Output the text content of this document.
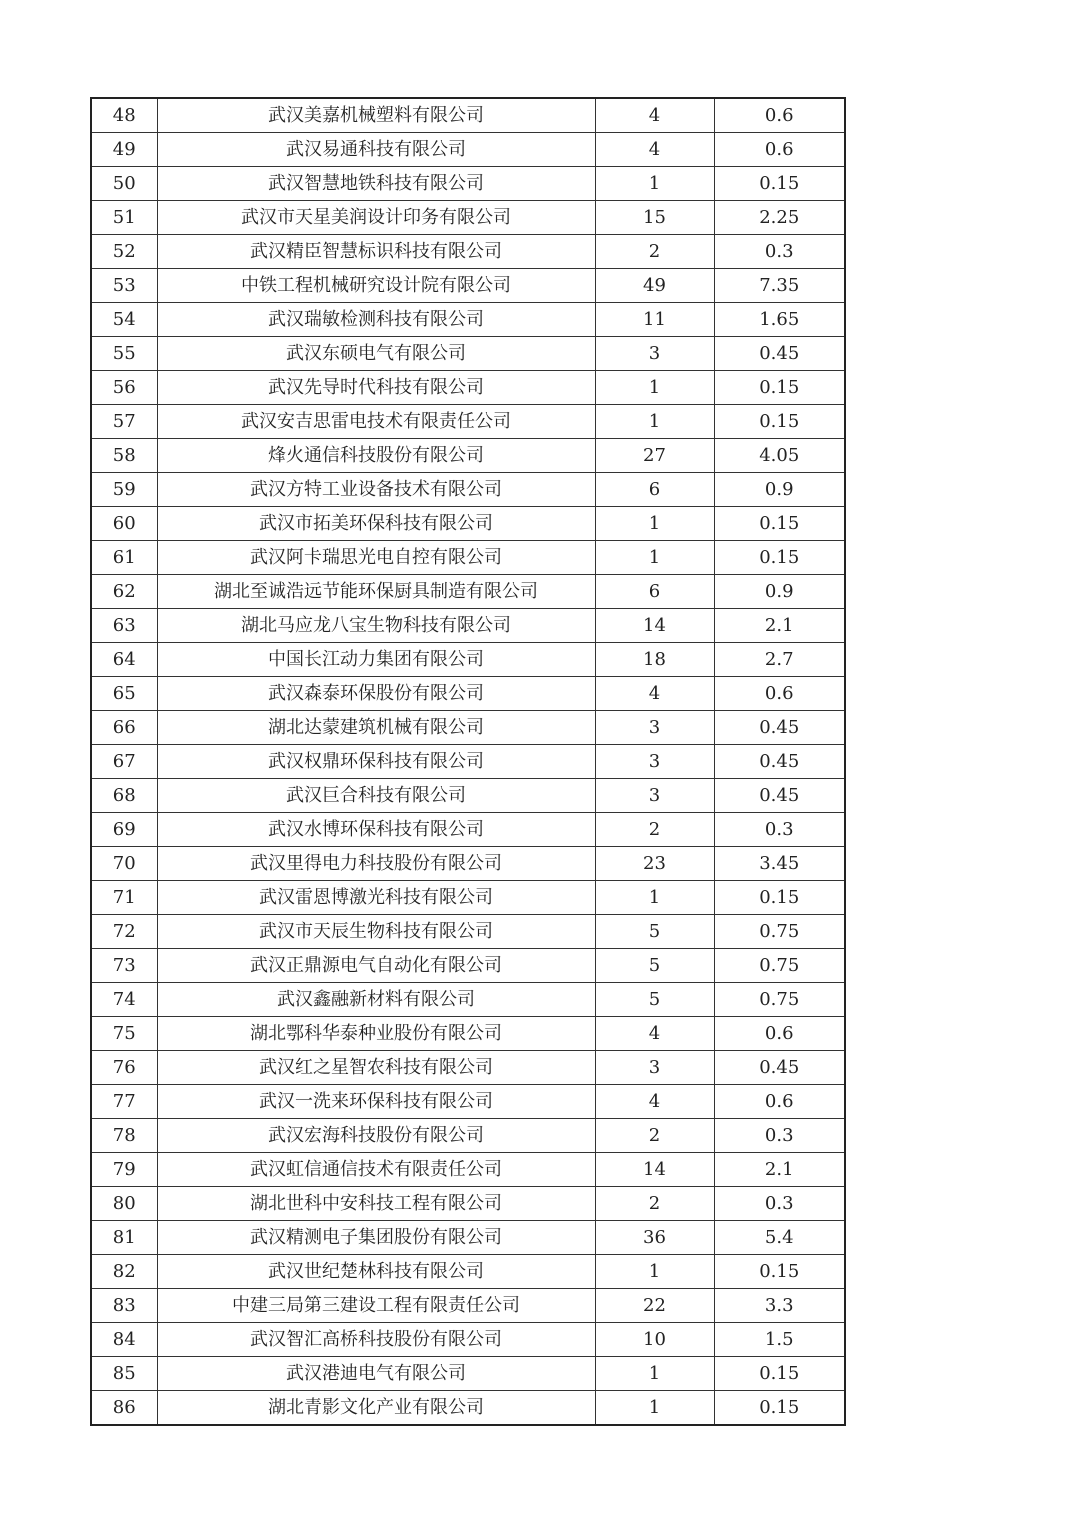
48	武汉美嘉机械塑料有限公司	4	0.6
49	武汉易通科技有限公司	4	0.6
50	武汉智慧地铁科技有限公司	1	0.15
51	武汉市天星美润设计印务有限公司	15	2.25
52	武汉精臣智慧标识科技有限公司	2	0.3
53	中铁工程机械研究设计院有限公司	49	7.35
54	武汉瑞敏检测科技有限公司	11	1.65
55	武汉东硕电气有限公司	3	0.45
56	武汉先导时代科技有限公司	1	0.15
57	武汉安吉思雷电技术有限责任公司	1	0.15
58	烽火通信科技股份有限公司	27	4.05
59	武汉方特工业设备技术有限公司	6	0.9
60	武汉市拓美环保科技有限公司	1	0.15
61	武汉阿卡瑞思光电自控有限公司	1	0.15
62	湖北至诚浩远节能环保厨具制造有限公司	6	0.9
63	湖北马应龙八宝生物科技有限公司	14	2.1
64	中国长江动力集团有限公司	18	2.7
65	武汉森泰环保股份有限公司	4	0.6
66	湖北达蒙建筑机械有限公司	3	0.45
67	武汉权鼎环保科技有限公司	3	0.45
68	武汉巨合科技有限公司	3	0.45
69	武汉水博环保科技有限公司	2	0.3
70	武汉里得电力科技股份有限公司	23	3.45
71	武汉雷恩博激光科技有限公司	1	0.15
72	武汉市天辰生物科技有限公司	5	0.75
73	武汉正鼎源电气自动化有限公司	5	0.75
74	武汉鑫融新材料有限公司	5	0.75
75	湖北鄂科华泰种业股份有限公司	4	0.6
76	武汉红之星智农科技有限公司	3	0.45
77	武汉一洗来环保科技有限公司	4	0.6
78	武汉宏海科技股份有限公司	2	0.3
79	武汉虹信通信技术有限责任公司	14	2.1
80	湖北世科中安科技工程有限公司	2	0.3
81	武汉精测电子集团股份有限公司	36	5.4
82	武汉世纪楚林科技有限公司	1	0.15
83	中建三局第三建设工程有限责任公司	22	3.3
84	武汉智汇高桥科技股份有限公司	10	1.5
85	武汉港迪电气有限公司	1	0.15
86	湖北青影文化产业有限公司	1	0.15
